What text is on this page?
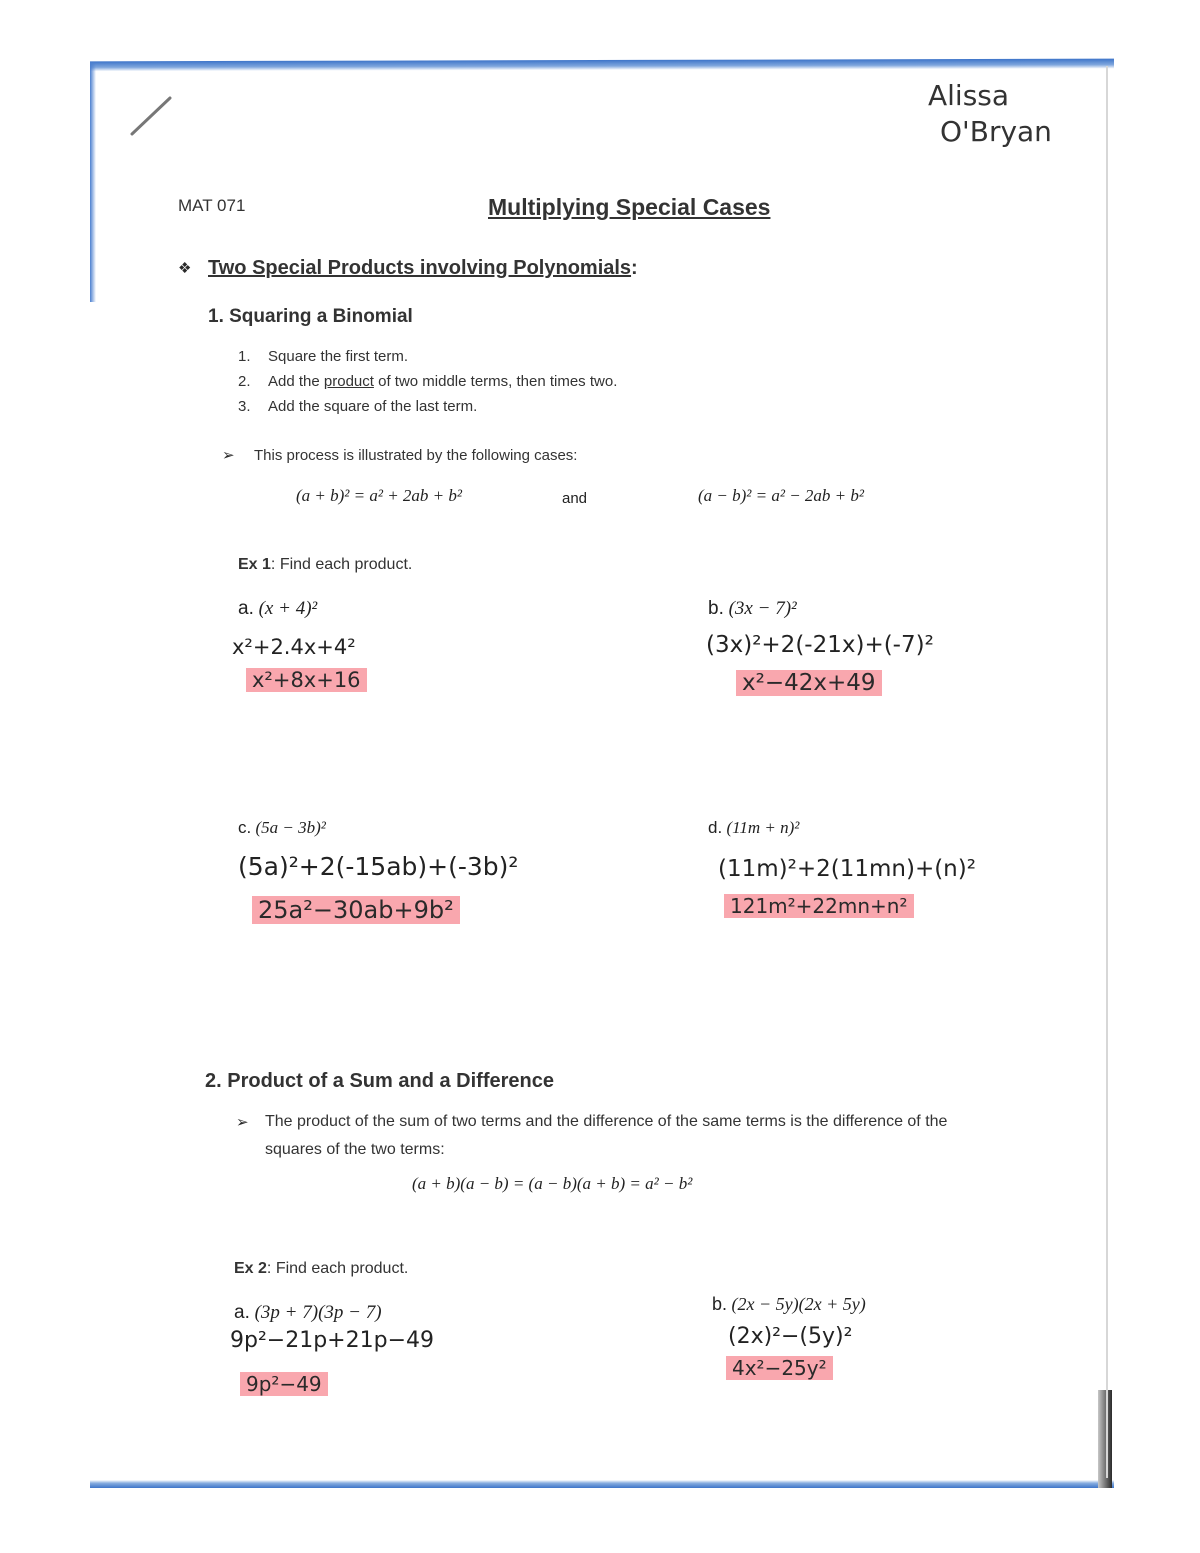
Alissa
O'Bryan
MAT 071	Multiplying Special Cases
❖ Two Special Products involving Polynomials:
1. Squaring a Binomial
1. Square the first term.
2. Add the product of two middle terms, then times two.
3. Add the square of the last term.
➢ This process is illustrated by the following cases:
(a + b)² = a² + 2ab + b²	and	(a − b)² = a² − 2ab + b²
Ex 1: Find each product.
a. (x + 4)²
x²+2.4x+4²
x²+8x+16
b. (3x − 7)²
(3x)²+2(-21x)+(-7)²
x²−42x+49
c. (5a − 3b)²
(5a)²+2(-15ab)+(-3b)²
25a²−30ab+9b²
d. (11m + n)²
(11m)²+2(11mn)+(n)²
121m²+22mn+n²
2. Product of a Sum and a Difference
➢ The product of the sum of two terms and the difference of the same terms is the difference of the squares of the two terms:
(a + b)(a − b) = (a − b)(a + b) = a² − b²
Ex 2: Find each product.
a. (3p + 7)(3p − 7)
9p²−21p+21p−49
9p²−49
b. (2x − 5y)(2x + 5y)
(2x)²−(5y)²
4x²−25y²
